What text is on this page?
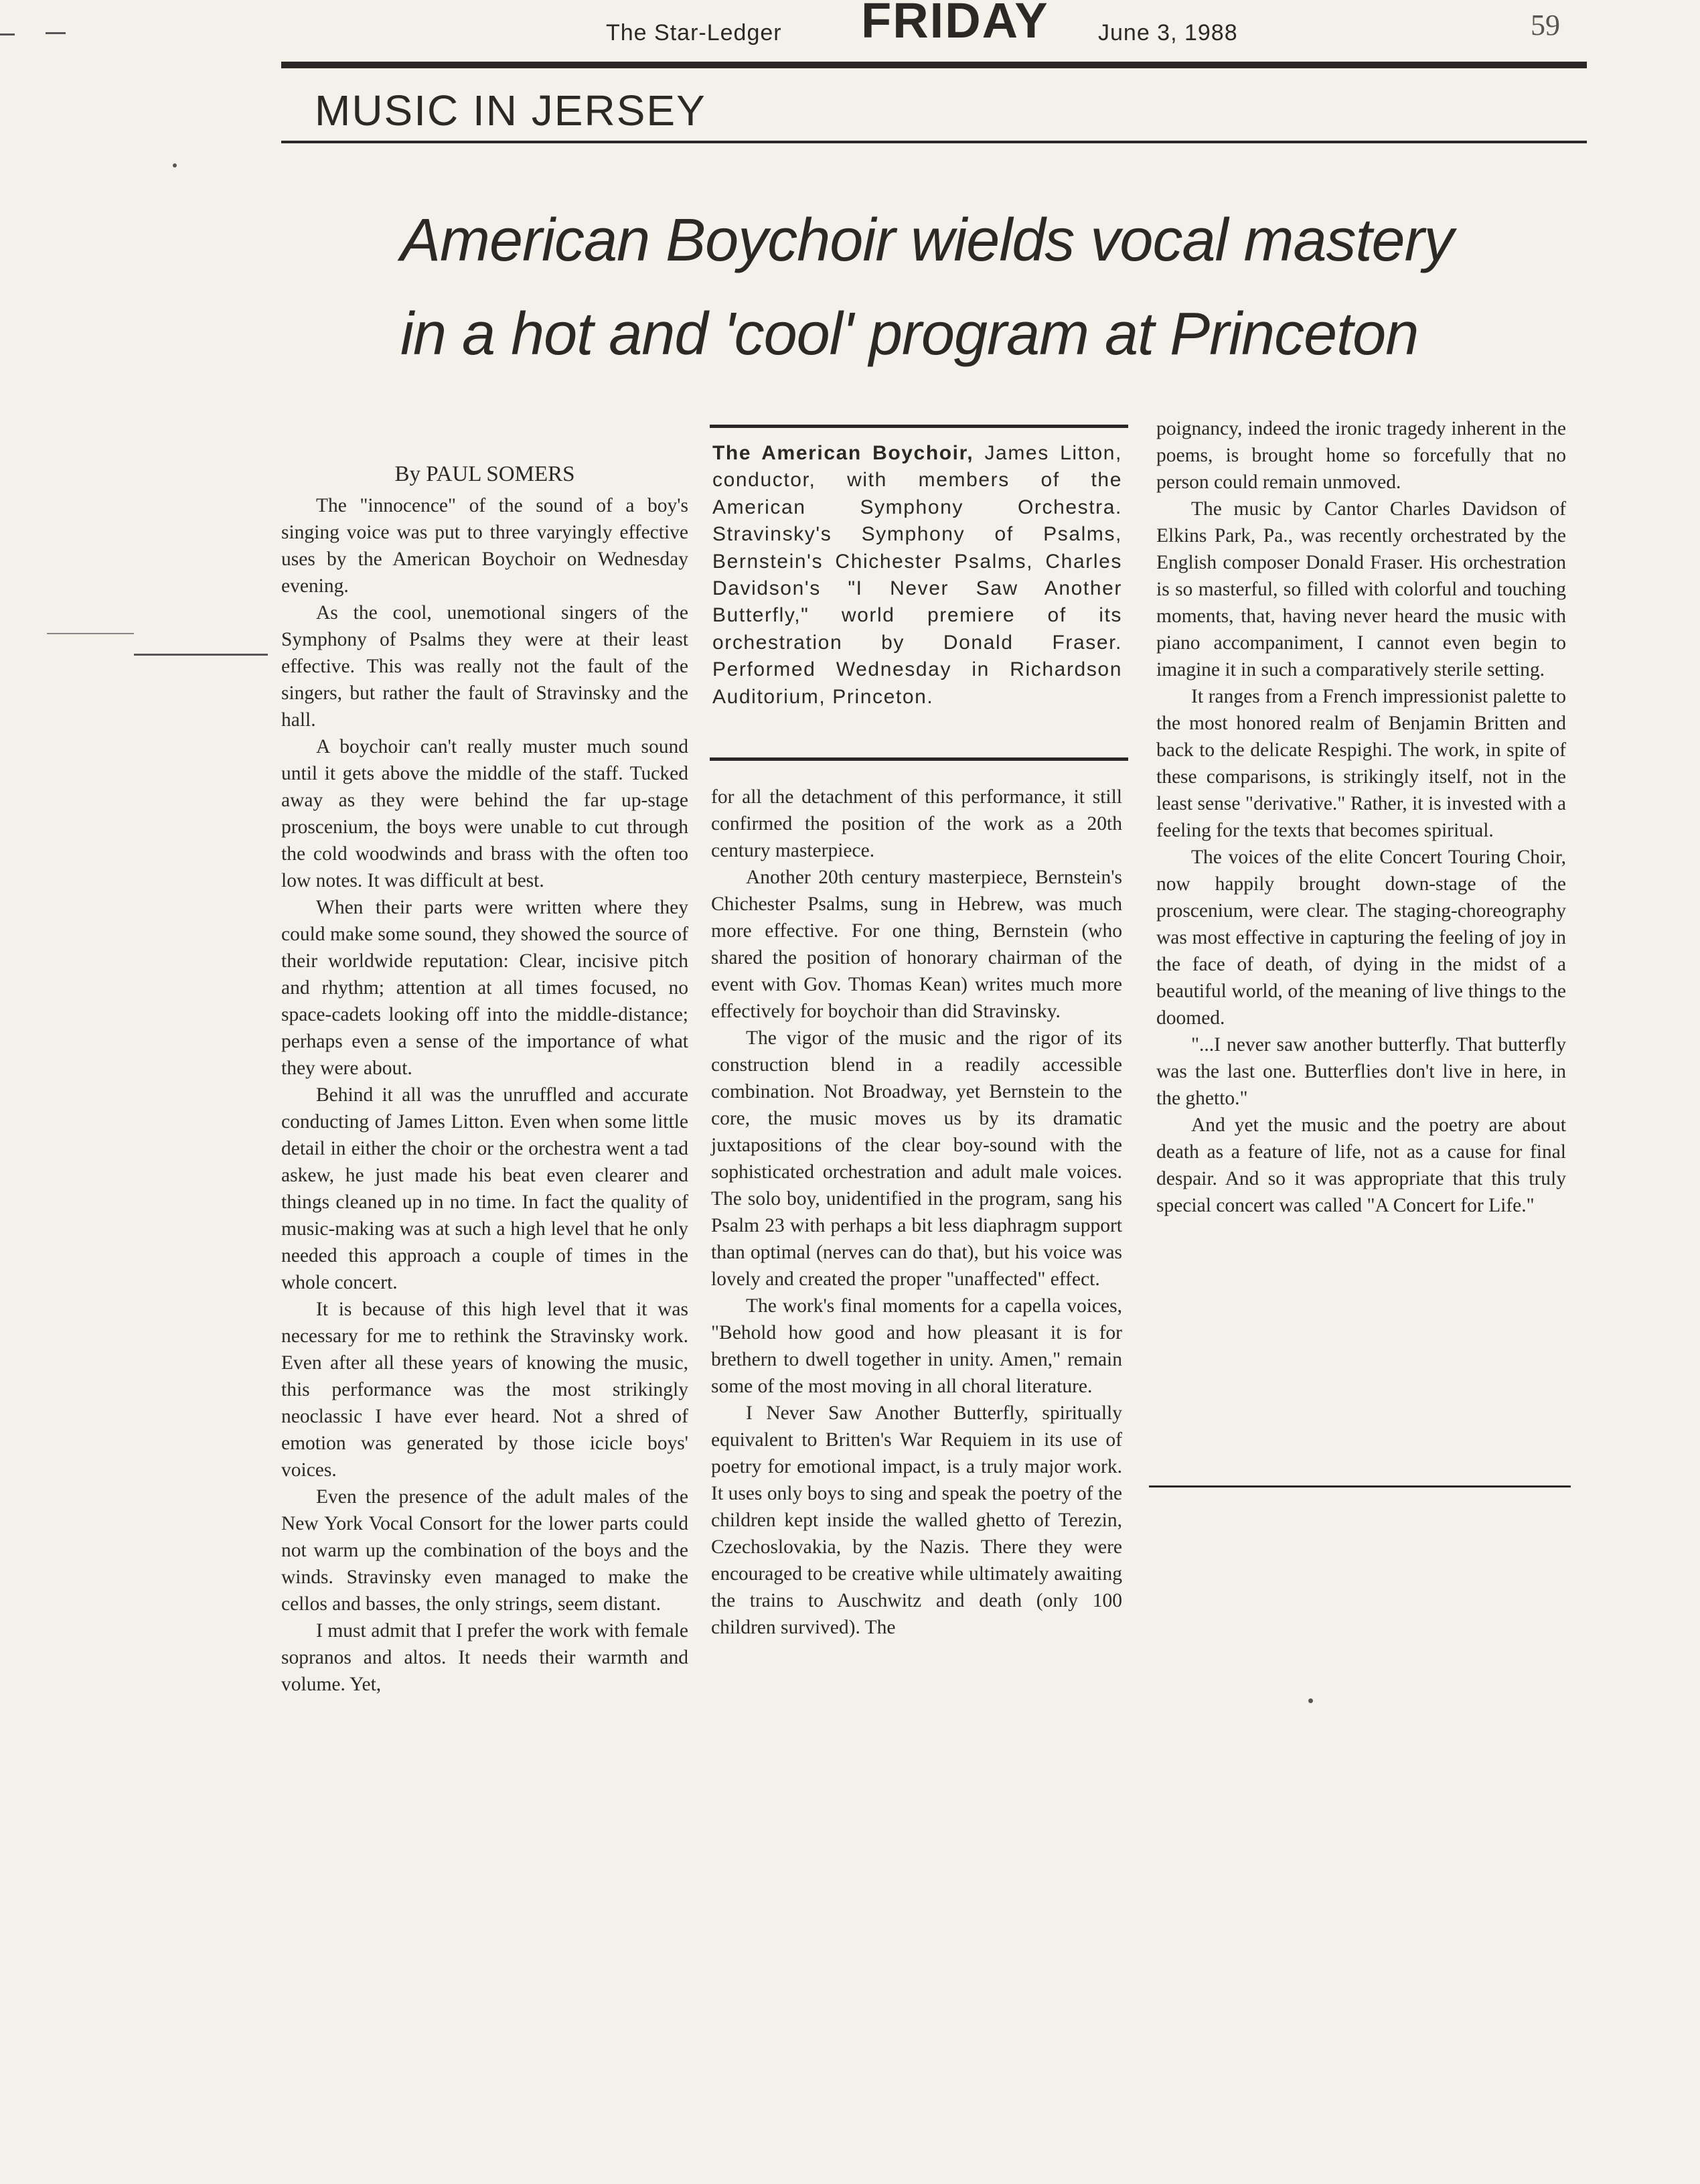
The Star-Ledger FRIDAY June 3, 1988	59
MUSIC IN JERSEY
American Boychoir wields vocal mastery
in a hot and 'cool' program at Princeton

By PAUL SOMERS

The "innocence" of the sound of a boy's singing voice was put to three varyingly effective uses by the American Boychoir on Wednesday evening.

As the cool, unemotional singers of the Symphony of Psalms they were at their least effective. This was really not the fault of the singers, but rather the fault of Stravinsky and the hall.

A boychoir can't really muster much sound until it gets above the middle of the staff. Tucked away as they were behind the far up-stage proscenium, the boys were unable to cut through the cold woodwinds and brass with the often too low notes. It was difficult at best.

When their parts were written where they could make some sound, they showed the source of their worldwide reputation: Clear, incisive pitch and rhythm; attention at all times focused, no space-cadets looking off into the middle-distance; perhaps even a sense of the importance of what they were about.

Behind it all was the unruffled and accurate conducting of James Litton. Even when some little detail in either the choir or the orchestra went a tad askew, he just made his beat even clearer and things cleaned up in no time. In fact the quality of music-making was at such a high level that he only needed this approach a couple of times in the whole concert.

It is because of this high level that it was necessary for me to rethink the Stravinsky work. Even after all these years of knowing the music, this performance was the most strikingly neoclassic I have ever heard. Not a shred of emotion was generated by those icicle boys' voices.

Even the presence of the adult males of the New York Vocal Consort for the lower parts could not warm up the combination of the boys and the winds. Stravinsky even managed to make the cellos and basses, the only strings, seem distant.

I must admit that I prefer the work with female sopranos and altos. It needs their warmth and volume. Yet,

The American Boychoir, James Litton, conductor, with members of the American Symphony Orchestra. Stravinsky's Symphony of Psalms, Bernstein's Chichester Psalms, Charles Davidson's "I Never Saw Another Butterfly," world premiere of its orchestration by Donald Fraser. Performed Wednesday in Richardson Auditorium, Princeton.

for all the detachment of this performance, it still confirmed the position of the work as a 20th century masterpiece.

Another 20th century masterpiece, Bernstein's Chichester Psalms, sung in Hebrew, was much more effective. For one thing, Bernstein (who shared the position of honorary chairman of the event with Gov. Thomas Kean) writes much more effectively for boychoir than did Stravinsky.

The vigor of the music and the rigor of its construction blend in a readily accessible combination. Not Broadway, yet Bernstein to the core, the music moves us by its dramatic juxtapositions of the clear boy-sound with the sophisticated orchestration and adult male voices. The solo boy, unidentified in the program, sang his Psalm 23 with perhaps a bit less diaphragm support than optimal (nerves can do that), but his voice was lovely and created the proper "unaffected" effect.

The work's final moments for a capella voices, "Behold how good and how pleasant it is for brethern to dwell together in unity. Amen," remain some of the most moving in all choral literature.

I Never Saw Another Butterfly, spiritually equivalent to Britten's War Requiem in its use of poetry for emotional impact, is a truly major work. It uses only boys to sing and speak the poetry of the children kept inside the walled ghetto of Terezin, Czechoslovakia, by the Nazis. There they were encouraged to be creative while ultimately awaiting the trains to Auschwitz and death (only 100 children survived). The

poignancy, indeed the ironic tragedy inherent in the poems, is brought home so forcefully that no person could remain unmoved.

The music by Cantor Charles Davidson of Elkins Park, Pa., was recently orchestrated by the English composer Donald Fraser. His orchestration is so masterful, so filled with colorful and touching moments, that, having never heard the music with piano accompaniment, I cannot even begin to imagine it in such a comparatively sterile setting.

It ranges from a French impressionist palette to the most honored realm of Benjamin Britten and back to the delicate Respighi. The work, in spite of these comparisons, is strikingly itself, not in the least sense "derivative." Rather, it is invested with a feeling for the texts that becomes spiritual.

The voices of the elite Concert Touring Choir, now happily brought down-stage of the proscenium, were clear. The staging-choreography was most effective in capturing the feeling of joy in the face of death, of dying in the midst of a beautiful world, of the meaning of live things to the doomed.

"...I never saw another butterfly. That butterfly was the last one. Butterflies don't live in here, in the ghetto."

And yet the music and the poetry are about death as a feature of life, not as a cause for final despair. And so it was appropriate that this truly special concert was called "A Concert for Life."
